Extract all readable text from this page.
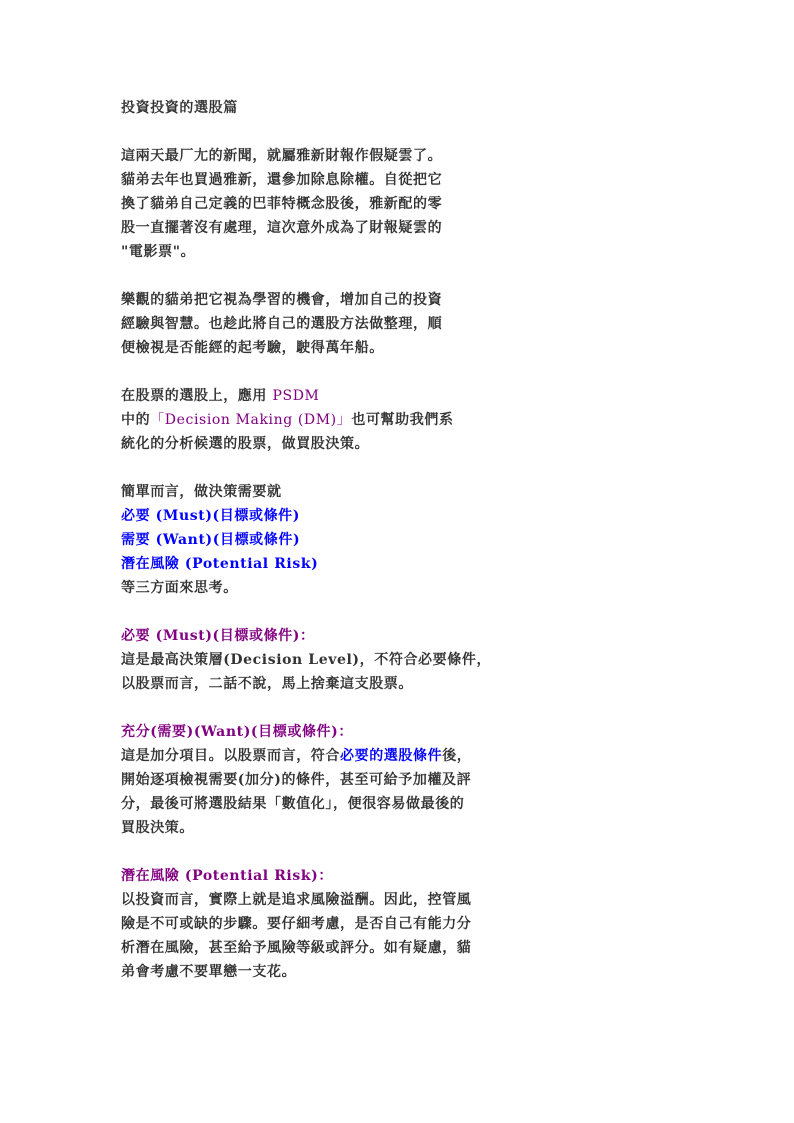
投資投資的選股篇
這兩天最厂尢的新聞，就屬雅新財報作假疑雲了。
貓弟去年也買過雅新，還參加除息除權。自從把它
換了貓弟自己定義的巴菲特概念股後，雅新配的零
股一直擺著沒有處理，這次意外成為了財報疑雲的
"電影票"。
樂觀的貓弟把它視為學習的機會，增加自己的投資
經驗與智慧。也趁此將自己的選股方法做整理，順
便檢視是否能經的起考驗，駛得萬年船。
在股票的選股上，應用 PSDM
中的「Decision Making (DM)」也可幫助我們系
統化的分析候選的股票，做買股決策。
簡單而言，做決策需要就
必要 (Must)(目標或條件)
需要 (Want)(目標或條件)
潛在風險 (Potential Risk)
等三方面來思考。
必要 (Must)(目標或條件)：
這是最高決策層(Decision Level)，不符合必要條件，
以股票而言，二話不說，馬上捨棄這支股票。
充分(需要)(Want)(目標或條件)：
這是加分項目。以股票而言，符合必要的選股條件後，
開始逐項檢視需要(加分)的條件，甚至可給予加權及評
分，最後可將選股結果「數值化」，便很容易做最後的
買股決策。
潛在風險 (Potential Risk)：
以投資而言，實際上就是追求風險溢酬。因此，控管風
險是不可或缺的步驟。要仔細考慮，是否自己有能力分
析潛在風險，甚至給予風險等級或評分。如有疑慮，貓
弟會考慮不要單戀一支花。
